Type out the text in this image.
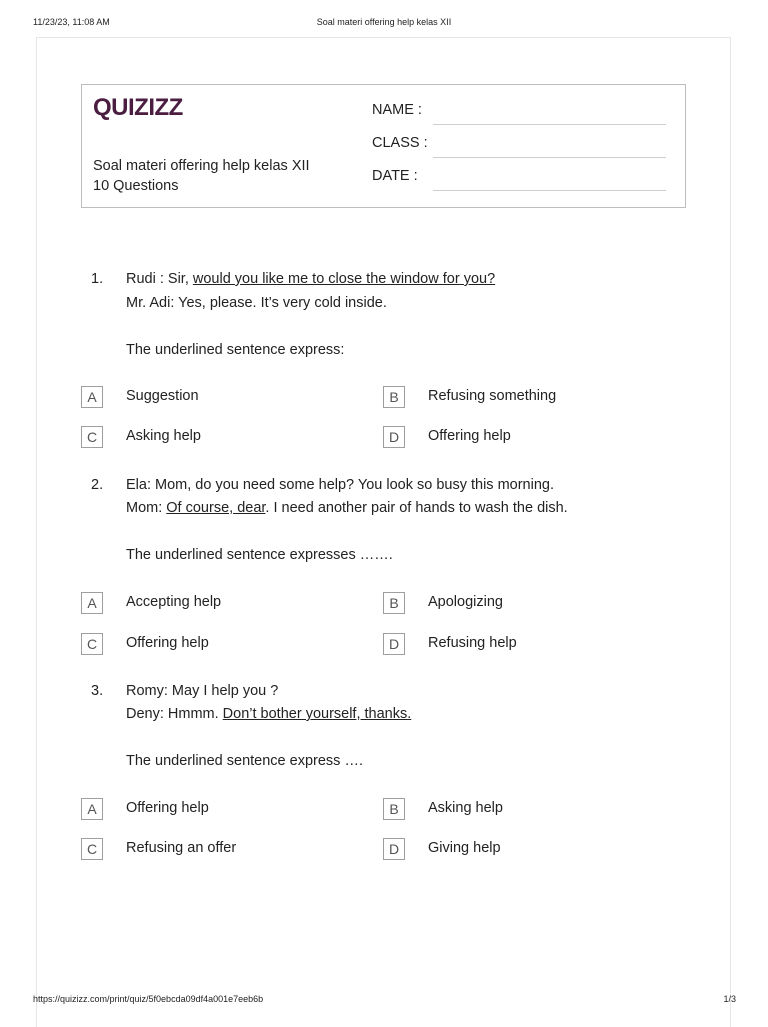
11/23/23, 11:08 AM	Soal materi offering help kelas XII
QUIZIZZ
Soal materi offering help kelas XII
10 Questions
NAME :
CLASS :
DATE :
1. Rudi : Sir, would you like me to close the window for you?
Mr. Adi: Yes, please. It’s very cold inside.
The underlined sentence express:
A	Suggestion	B	Refusing something
C	Asking help	D	Offering help
2. Ela: Mom, do you need some help? You look so busy this morning.
Mom: Of course, dear. I need another pair of hands to wash the dish.
The underlined sentence expresses …….
A	Accepting help	B	Apologizing
C	Offering help	D	Refusing help
3. Romy: May I help you ?
Deny: Hmmm. Don’t bother yourself, thanks.
The underlined sentence express ….
A	Offering help	B	Asking help
C	Refusing an offer	D	Giving help
https://quizizz.com/print/quiz/5f0ebcda09df4a001e7eeb6b	1/3
